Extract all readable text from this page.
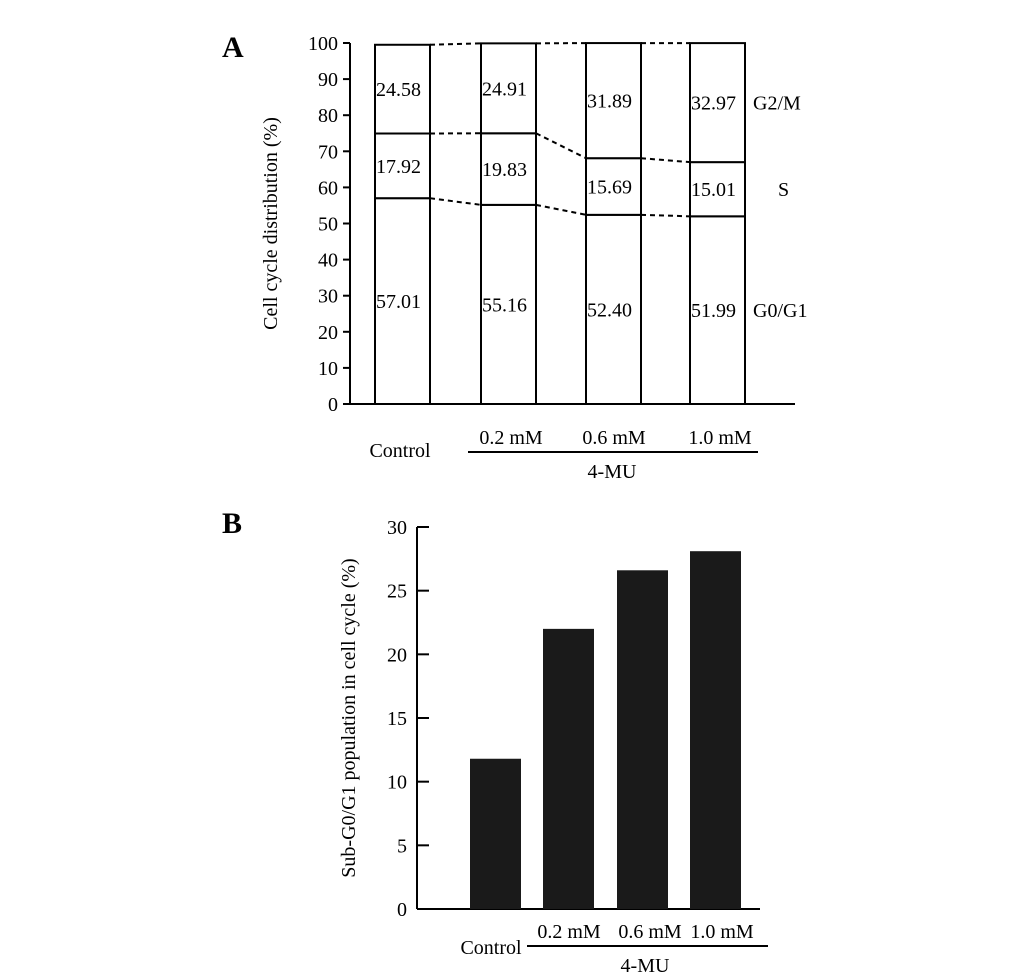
A
B
0
10
20
30
40
50
60
70
80
90
100
Cell cycle distribution (%)	57.01
17.92
24.58
55.16
19.83
24.91
52.40
15.69
31.89
51.99
15.01
32.97
G0/G1
S
G2/M
Control
0.2 mM 0.6 mM 1.0 mM
4-MU
0
5
10
15
20
25
30
Sub-G0/G1 population in cell cycle (%)
Control
0.2 mM 0.6 mM 1.0 mM
4-MU
